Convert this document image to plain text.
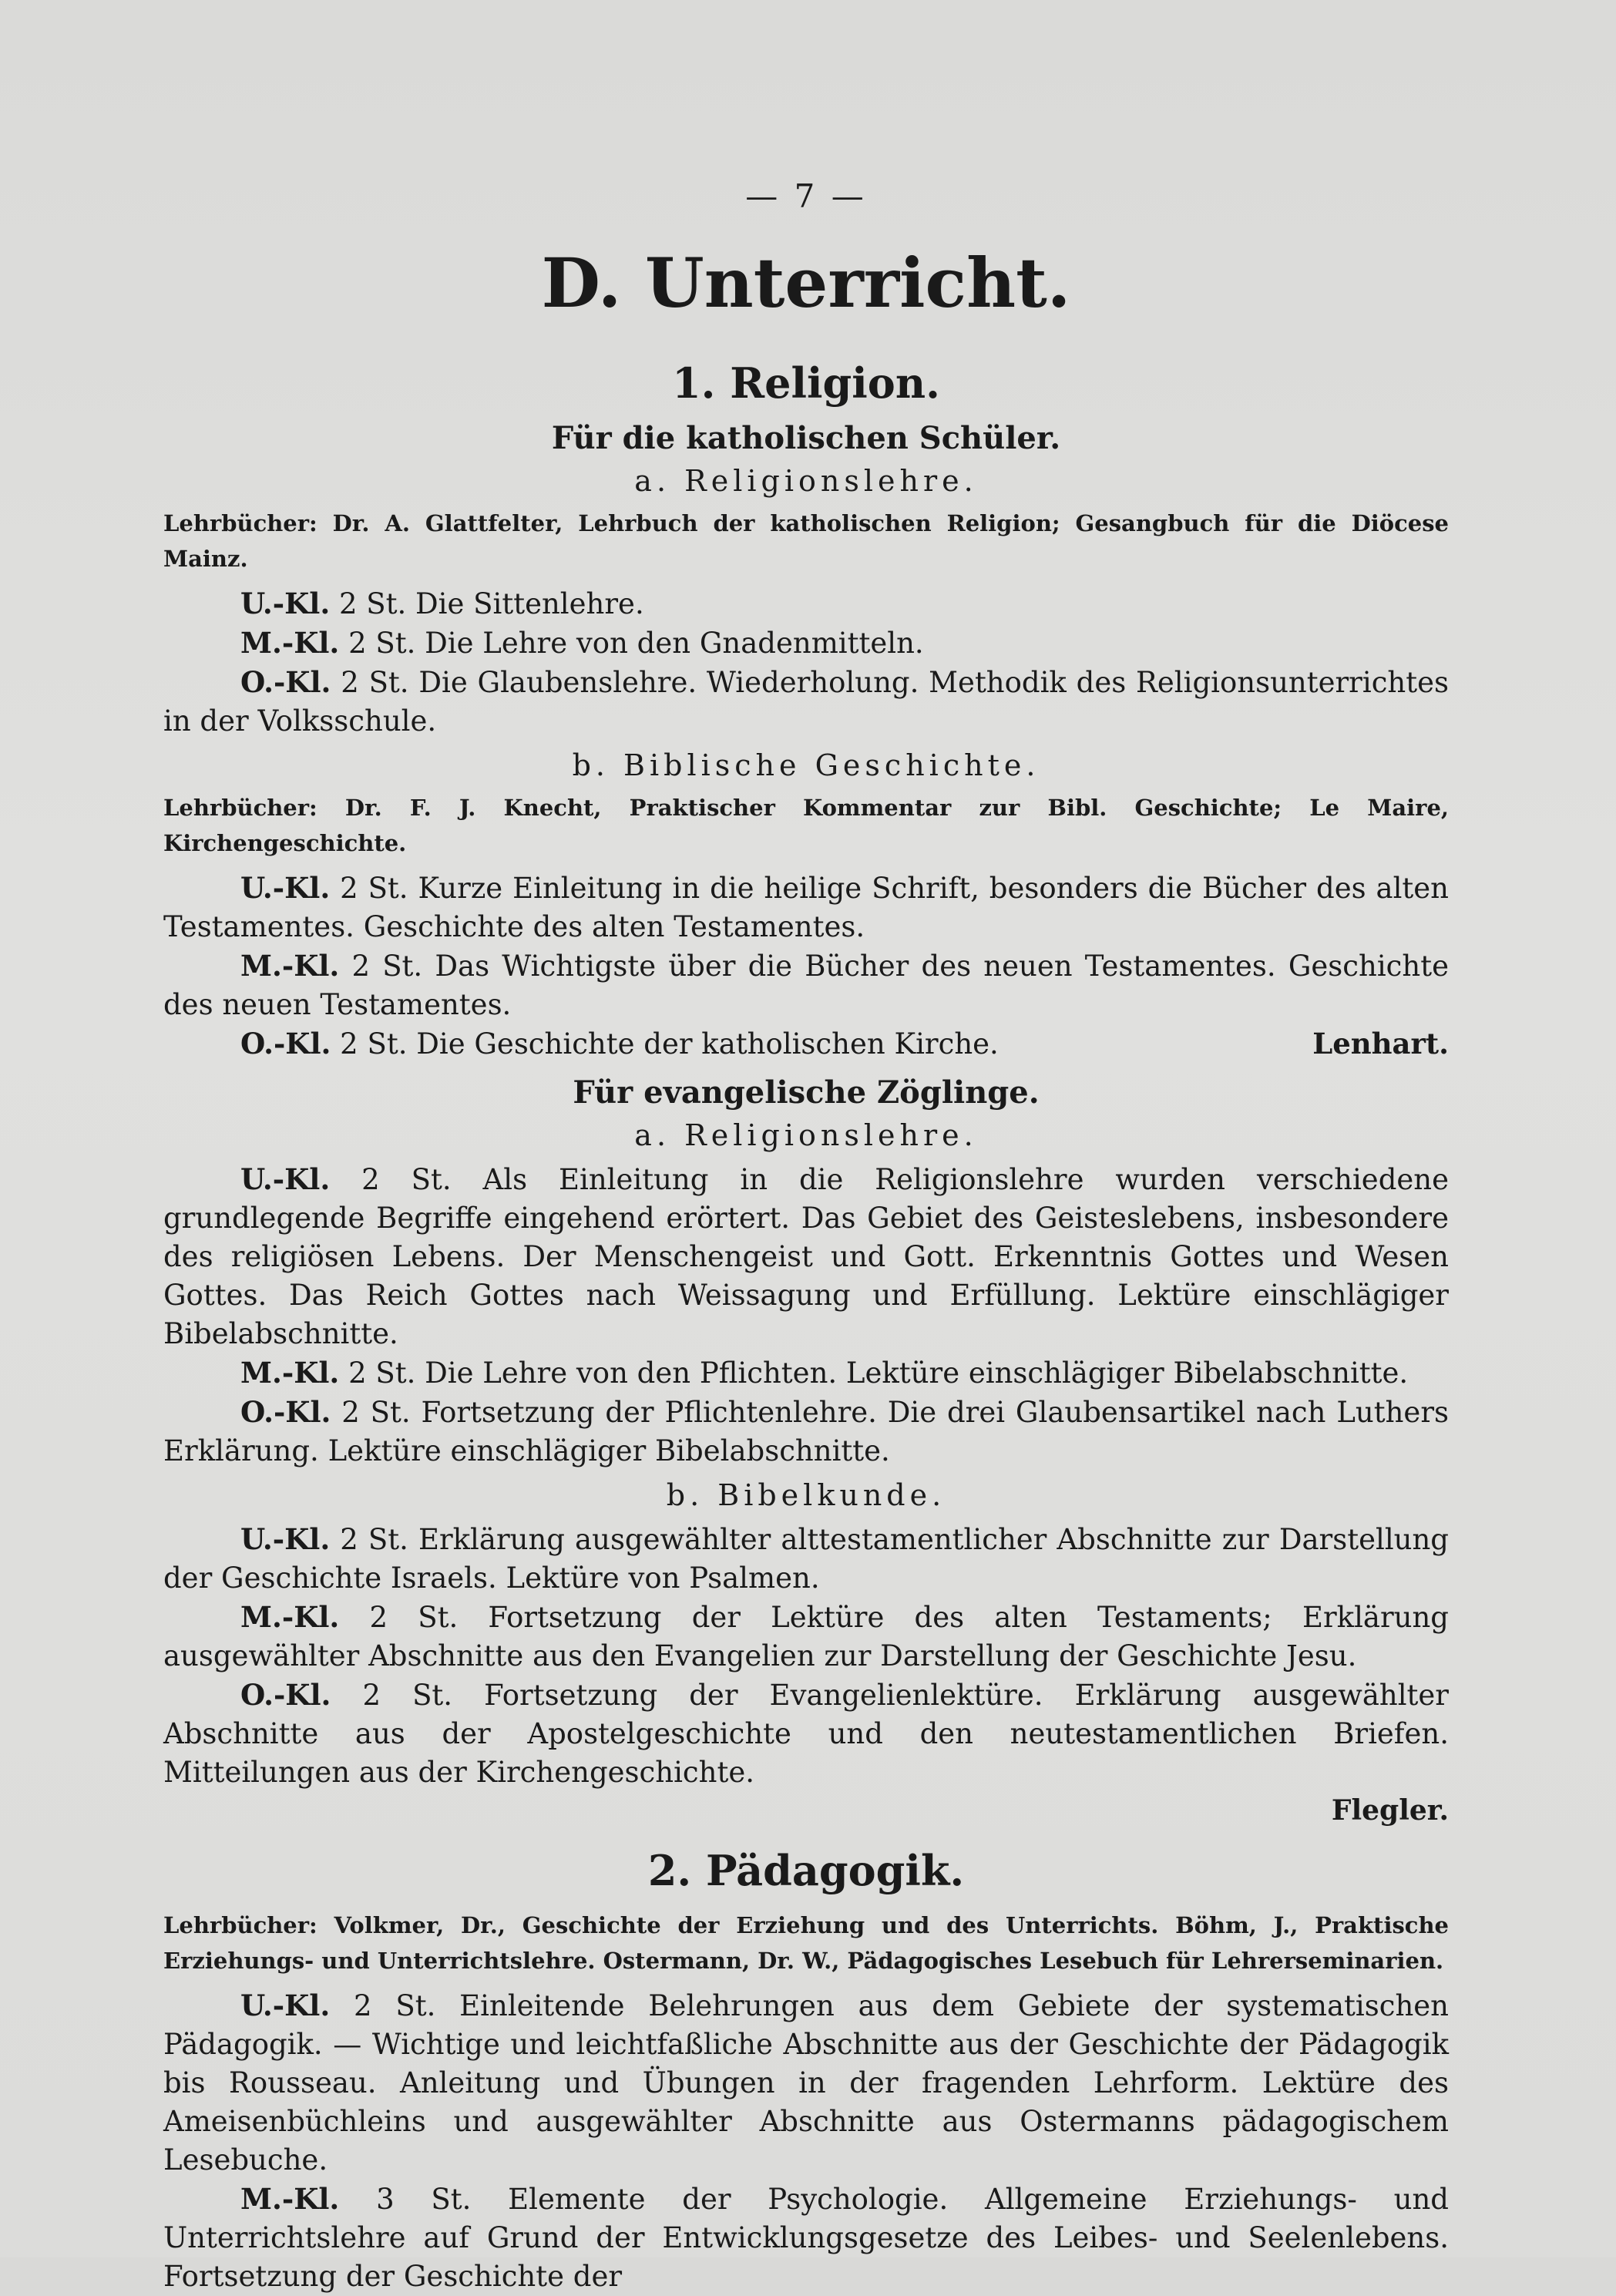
— 7 —
D. Unterricht.
1. Religion.
Für die katholischen Schüler.
a. Religionslehre.
Lehrbücher: Dr. A. Glattfelter, Lehrbuch der katholischen Religion; Gesangbuch für die Diöcese Mainz.

U.-Kl. 2 St. Die Sittenlehre.

M.-Kl. 2 St. Die Lehre von den Gnadenmitteln.

O.-Kl. 2 St. Die Glaubenslehre. Wiederholung. Methodik des Religionsunterrichtes in der Volksschule.

b. Biblische Geschichte.
Lehrbücher: Dr. F. J. Knecht, Praktischer Kommentar zur Bibl. Geschichte; Le Maire, Kirchengeschichte.

U.-Kl. 2 St. Kurze Einleitung in die heilige Schrift, besonders die Bücher des alten Testamentes. Geschichte des alten Testamentes.

M.-Kl. 2 St. Das Wichtigste über die Bücher des neuen Testamentes. Geschichte des neuen Testamentes.

O.-Kl. 2 St. Die Geschichte der katholischen Kirche.	Lenhart.
Für evangelische Zöglinge.
a. Religionslehre.

U.-Kl. 2 St. Als Einleitung in die Religionslehre wurden verschiedene grundlegende Begriffe eingehend erörtert. Das Gebiet des Geisteslebens, insbesondere des religiösen Lebens. Der Menschengeist und Gott. Erkenntnis Gottes und Wesen Gottes. Das Reich Gottes nach Weissagung und Erfüllung. Lektüre einschlägiger Bibelabschnitte.

M.-Kl. 2 St. Die Lehre von den Pflichten. Lektüre einschlägiger Bibelabschnitte.

O.-Kl. 2 St. Fortsetzung der Pflichtenlehre. Die drei Glaubensartikel nach Luthers Erklärung. Lektüre einschlägiger Bibelabschnitte.

b. Bibelkunde.

U.-Kl. 2 St. Erklärung ausgewählter alttestamentlicher Abschnitte zur Darstellung der Geschichte Israels. Lektüre von Psalmen.

M.-Kl. 2 St. Fortsetzung der Lektüre des alten Testaments; Erklärung ausgewählter Abschnitte aus den Evangelien zur Darstellung der Geschichte Jesu.

O.-Kl. 2 St. Fortsetzung der Evangelienlektüre. Erklärung ausgewählter Abschnitte aus der Apostelgeschichte und den neutestamentlichen Briefen. Mitteilungen aus der Kirchengeschichte.

Flegler.
2. Pädagogik.
Lehrbücher: Volkmer, Dr., Geschichte der Erziehung und des Unterrichts. Böhm, J., Praktische Erziehungs- und Unterrichtslehre. Ostermann, Dr. W., Pädagogisches Lesebuch für Lehrerseminarien.

U.-Kl. 2 St. Einleitende Belehrungen aus dem Gebiete der systematischen Pädagogik. — Wichtige und leichtfaßliche Abschnitte aus der Geschichte der Pädagogik bis Rousseau. Anleitung und Übungen in der fragenden Lehrform. Lektüre des Ameisenbüchleins und ausgewählter Abschnitte aus Ostermanns pädagogischem Lesebuche.

M.-Kl. 3 St. Elemente der Psychologie. Allgemeine Erziehungs- und Unterrichtslehre auf Grund der Entwicklungsgesetze des Leibes- und Seelenlebens. Fortsetzung der Geschichte der
